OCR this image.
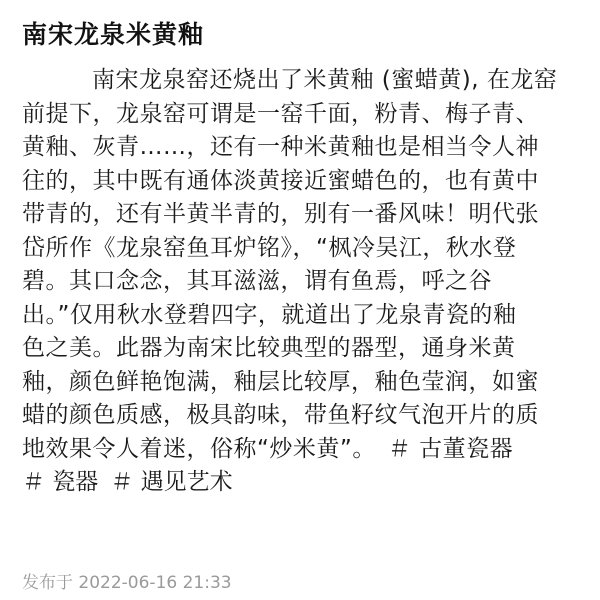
南宋龙泉米黄釉
南宋龙泉窑还烧出了米黄釉 (蜜蜡黄), 在龙窑
前提下，龙泉窑可谓是一窑千面，粉青、梅子青、
黄釉、灰青……，还有一种米黄釉也是相当令人神
往的，其中既有通体淡黄接近蜜蜡色的，也有黄中
带青的，还有半黄半青的，别有一番风味！明代张
岱所作《龙泉窑鱼耳炉铭》，“枫冷吴江，秋水登
碧。其口念念，其耳滋滋，谓有鱼焉，呼之谷
出。”仅用秋水登碧四字，就道出了龙泉青瓷的釉
色之美。此器为南宋比较典型的器型，通身米黄
釉，颜色鲜艳饱满，釉层比较厚，釉色莹润，如蜜
蜡的颜色质感，极具韵味，带鱼籽纹气泡开片的质
地效果令人着迷，俗称“炒米黄”。 ＃ 古董瓷器
＃ 瓷器 ＃ 遇见艺术
发布于 2022-06-16 21:33
